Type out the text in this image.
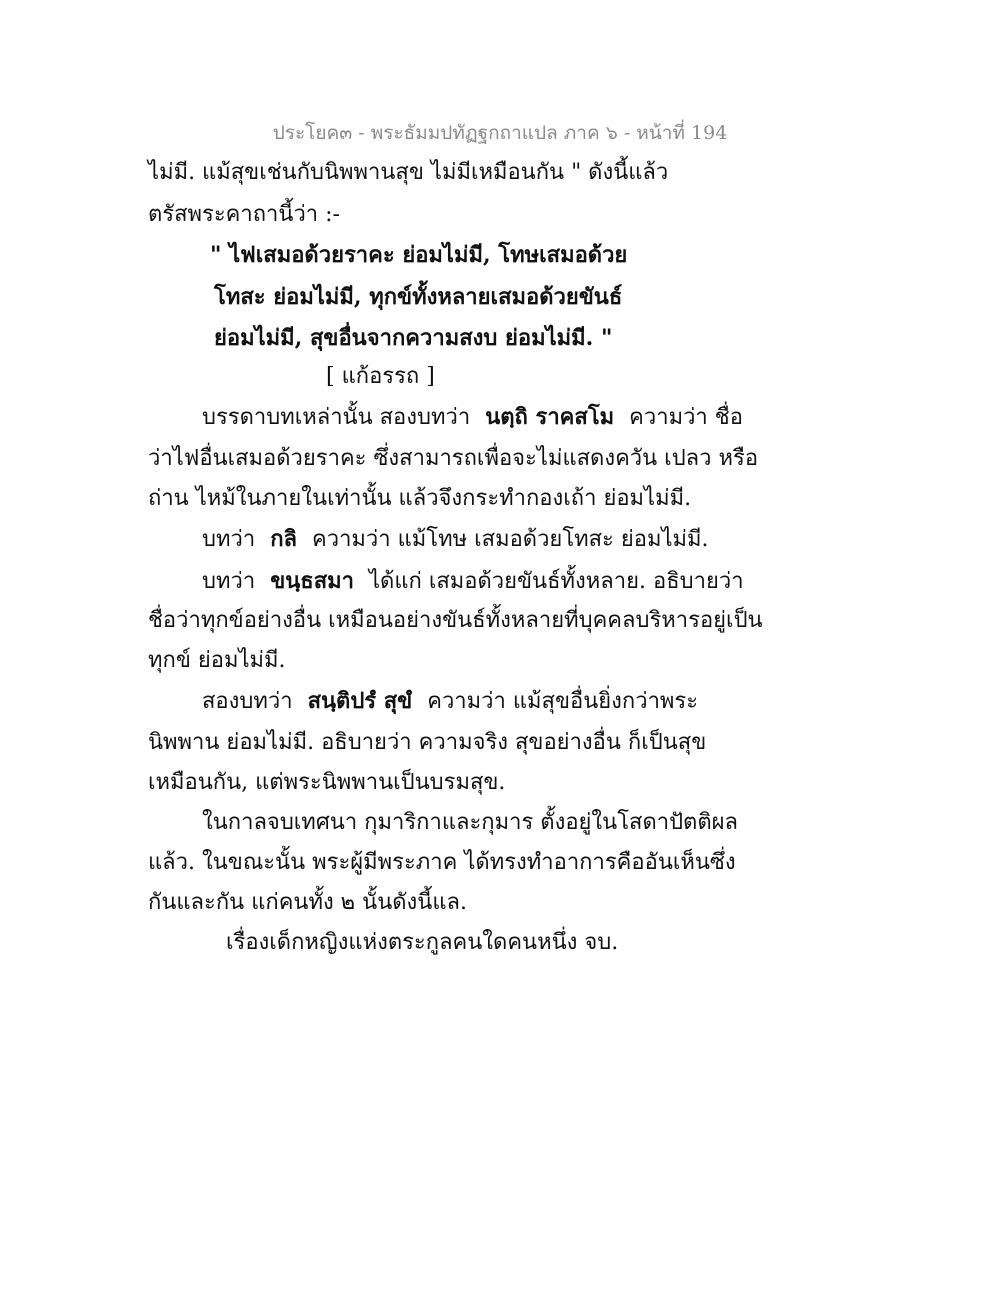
ประโยค๓ - พระธัมมปทัฏฐกถาแปล ภาค ๖ - หน้าที่ 194
ไม่มี. แม้สุขเช่นกับนิพพานสุข ไม่มีเหมือนกัน " ดังนี้แล้ว
ตรัสพระคาถานี้ว่า :-
" ไฟเสมอด้วยราคะ ย่อมไม่มี, โทษเสมอด้วย
โทสะ ย่อมไม่มี, ทุกข์ทั้งหลายเสมอด้วยขันธ์
ย่อมไม่มี, สุขอื่นจากความสงบ ย่อมไม่มี. "
[ แก้อรรถ ]
บรรดาบทเหล่านั้น สองบทว่า นตฺถิ ราคสโม ความว่า ชื่อ
ว่าไฟอื่นเสมอด้วยราคะ ซึ่งสามารถเพื่อจะไม่แสดงควัน เปลว หรือ
ถ่าน ไหม้ในภายในเท่านั้น แล้วจึงกระทำกองเถ้า ย่อมไม่มี.
บทว่า กลิ ความว่า แม้โทษ เสมอด้วยโทสะ ย่อมไม่มี.
บทว่า ขนฺธสมา ได้แก่ เสมอด้วยขันธ์ทั้งหลาย. อธิบายว่า
ชื่อว่าทุกข์อย่างอื่น เหมือนอย่างขันธ์ทั้งหลายที่บุคคลบริหารอยู่เป็น
ทุกข์ ย่อมไม่มี.
สองบทว่า สนฺติปรํ สุขํ ความว่า แม้สุขอื่นยิ่งกว่าพระ
นิพพาน ย่อมไม่มี. อธิบายว่า ความจริง สุขอย่างอื่น ก็เป็นสุข
เหมือนกัน, แต่พระนิพพานเป็นบรมสุข.
ในกาลจบเทศนา กุมาริกาและกุมาร ตั้งอยู่ในโสดาปัตติผล
แล้ว. ในขณะนั้น พระผู้มีพระภาค ได้ทรงทำอาการคืออันเห็นซึ่ง
กันและกัน แก่คนทั้ง ๒ นั้นดังนี้แล.
เรื่องเด็กหญิงแห่งตระกูลคนใดคนหนึ่ง จบ.
